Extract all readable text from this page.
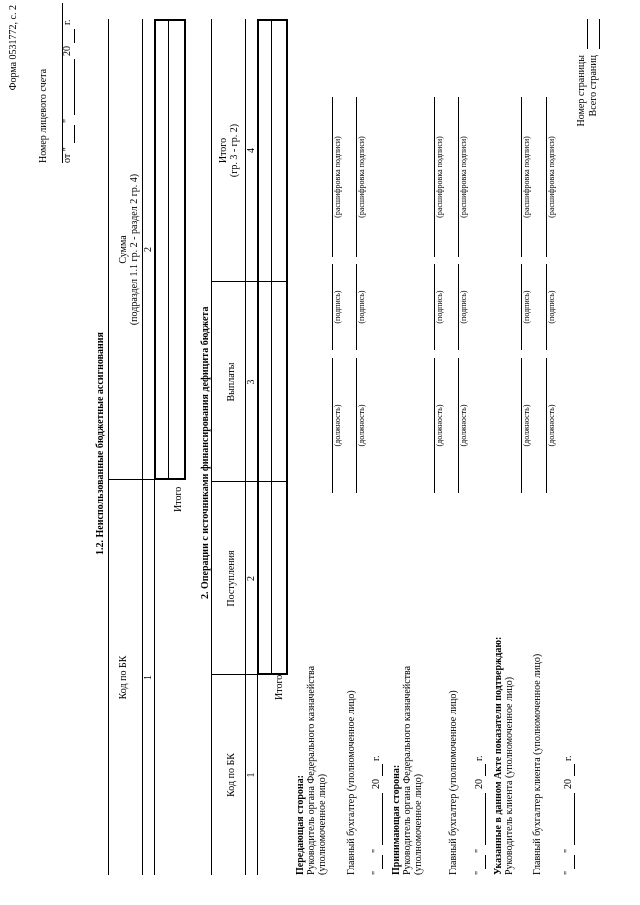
Форма 0531772, с. 2
Номер лицевого счета от "
"
20
г.
1.2. Неиспользованные бюджетные ассигнования
Код по БК
Сумма (подраздел 1.1 гр. 2 - раздел 2 гр. 4)
1
2
Итого 2. Операции с источниками финансирования дефицита бюджета
Код по БК
Поступления
Выплаты
Итого (гр. 3 - гр. 2)
1
2
3
4
Итого
Передающая сторона: Руководитель органа Федерального казначейства (уполномоченное лицо)
(должность)
(подпись)
(расшифровка подписи)
Главный бухгалтер (уполномоченное лицо)
(должность)
(подпись)
(расшифровка подписи)
"
"
20
г.
Принимающая сторона: Руководитель органа Федерального казначейства (уполномоченное лицо)
(должность)
(подпись)
(расшифровка подписи)
Главный бухгалтер (уполномоченное лицо)
(должность)
(подпись)
(расшифровка подписи)
"
"
20
г. Указанные в данном Акте показатели подтверждаю: Руководитель клиента (уполномоченное лицо)
(должность)
(подпись)
(расшифровка подписи)
Главный бухгалтер клиента (уполномоченное лицо)
(должность)
(подпись)
(расшифровка подписи)
"
"
20
г.
Номер страницы Всего страниц
